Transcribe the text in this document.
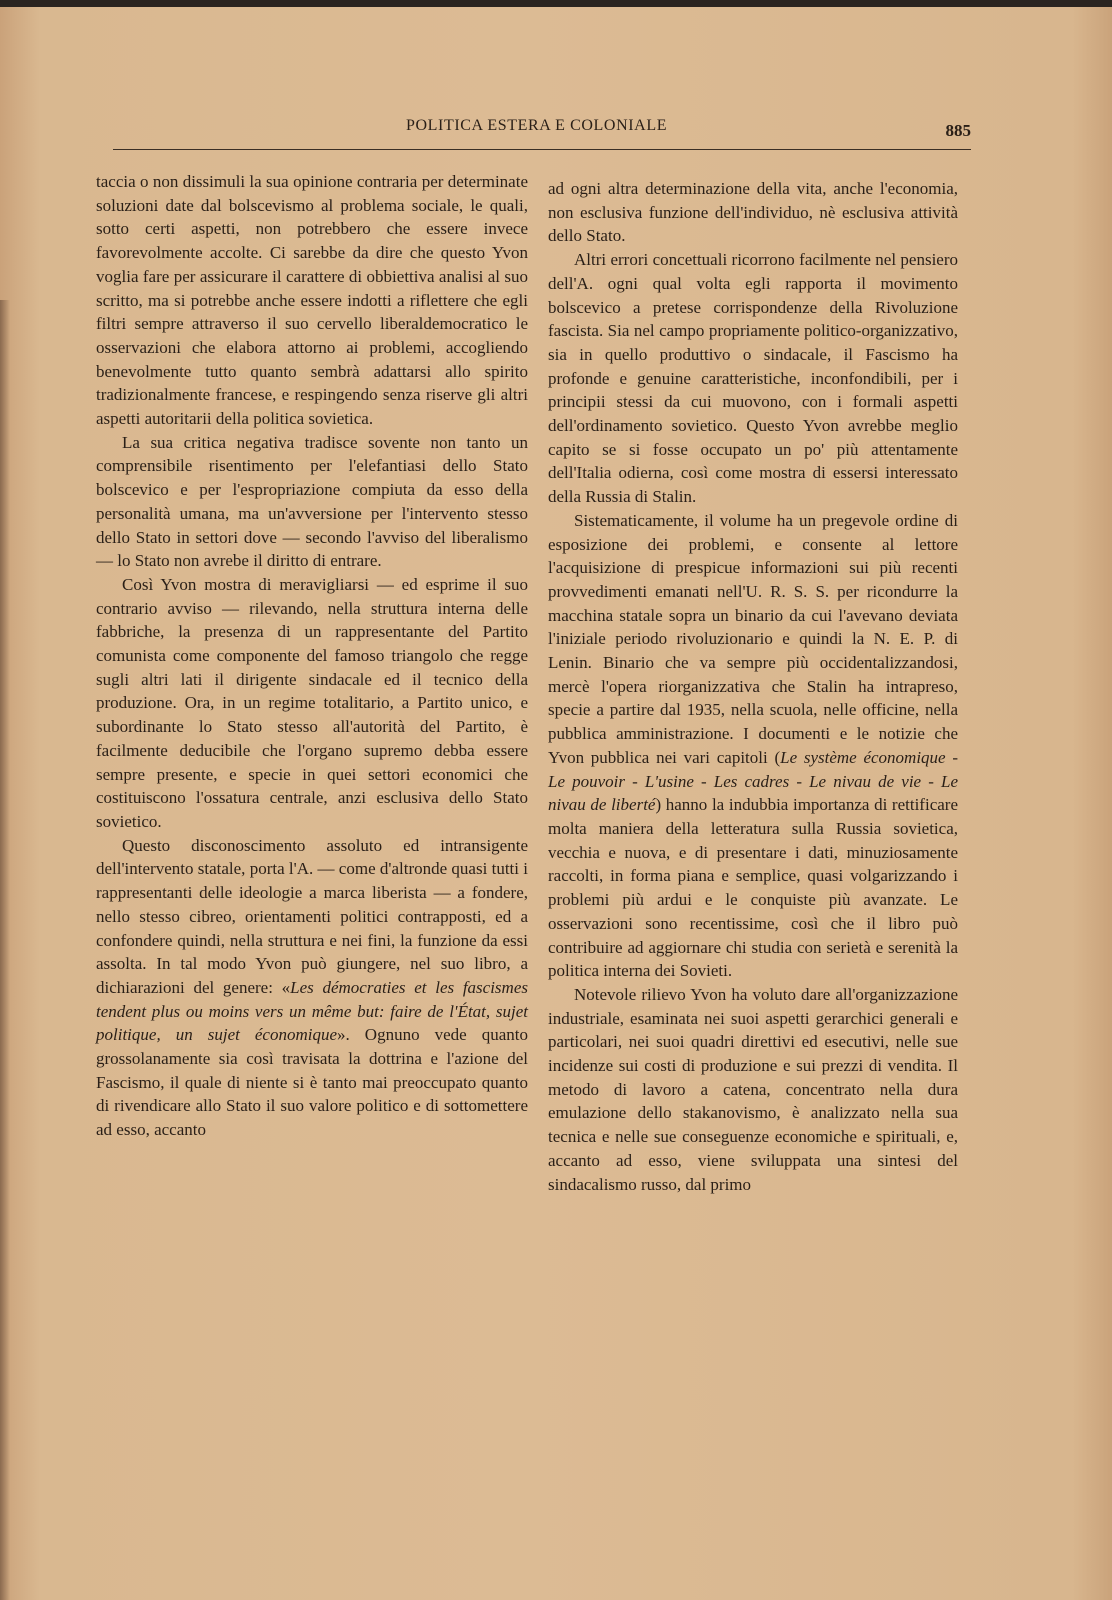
POLITICA ESTERA E COLONIALE	885

taccia o non dissimuli la sua opinione contraria per determinate soluzioni date dal bolscevismo al problema sociale, le quali, sotto certi aspetti, non potrebbero che essere invece favorevolmente accolte. Ci sarebbe da dire che questo Yvon voglia fare per assicurare il carattere di obbiettiva analisi al suo scritto, ma si potrebbe anche essere indotti a riflettere che egli filtri sempre attraverso il suo cervello liberaldemocratico le osservazioni che elabora attorno ai problemi, accogliendo benevolmente tutto quanto sembrà adattarsi allo spirito tradizionalmente francese, e respingendo senza riserve gli altri aspetti autoritarii della politica sovietica.

La sua critica negativa tradisce sovente non tanto un comprensibile risentimento per l'elefantiasi dello Stato bolscevico e per l'espropriazione compiuta da esso della personalità umana, ma un'avversione per l'intervento stesso dello Stato in settori dove — secondo l'avviso del liberalismo — lo Stato non avrebe il diritto di entrare.

Così Yvon mostra di meravigliarsi — ed esprime il suo contrario avviso — rilevando, nella struttura interna delle fabbriche, la presenza di un rappresentante del Partito comunista come componente del famoso triangolo che regge sugli altri lati il dirigente sindacale ed il tecnico della produzione. Ora, in un regime totalitario, a Partito unico, e subordinante lo Stato stesso all'autorità del Partito, è facilmente deducibile che l'organo supremo debba essere sempre presente, e specie in quei settori economici che costituiscono l'ossatura centrale, anzi esclusiva dello Stato sovietico.

Questo disconoscimento assoluto ed intransigente dell'intervento statale, porta l'A. — come d'altronde quasi tutti i rappresentanti delle ideologie a marca liberista — a fondere, nello stesso cibreo, orientamenti politici contrapposti, ed a confondere quindi, nella struttura e nei fini, la funzione da essi assolta. In tal modo Yvon può giungere, nel suo libro, a dichiarazioni del genere: «Les démocraties et les fascismes tendent plus ou moins vers un même but: faire de l'État, sujet politique, un sujet économique». Ognuno vede quanto grossolanamente sia così travisata la dottrina e l'azione del Fascismo, il quale di niente si è tanto mai preoccupato quanto di rivendicare allo Stato il suo valore politico e di sottomettere ad esso, accanto

ad ogni altra determinazione della vita, anche l'economia, non esclusiva funzione dell'individuo, nè esclusiva attività dello Stato.

Altri errori concettuali ricorrono facilmente nel pensiero dell'A. ogni qual volta egli rapporta il movimento bolscevico a pretese corrispondenze della Rivoluzione fascista. Sia nel campo propriamente politico-organizzativo, sia in quello produttivo o sindacale, il Fascismo ha profonde e genuine caratteristiche, inconfondibili, per i principii stessi da cui muovono, con i formali aspetti dell'ordinamento sovietico. Questo Yvon avrebbe meglio capito se si fosse occupato un po' più attentamente dell'Italia odierna, così come mostra di essersi interessato della Russia di Stalin.

Sistematicamente, il volume ha un pregevole ordine di esposizione dei problemi, e consente al lettore l'acquisizione di prespicue informazioni sui più recenti provvedimenti emanati nell'U. R. S. S. per ricondurre la macchina statale sopra un binario da cui l'avevano deviata l'iniziale periodo rivoluzionario e quindi la N. E. P. di Lenin. Binario che va sempre più occidentalizzandosi, mercè l'opera riorganizzativa che Stalin ha intrapreso, specie a partire dal 1935, nella scuola, nelle officine, nella pubblica amministrazione. I documenti e le notizie che Yvon pubblica nei vari capitoli (Le système économique - Le pouvoir - L'usine - Les cadres - Le nivau de vie - Le nivau de liberté) hanno la indubbia importanza di rettificare molta maniera della letteratura sulla Russia sovietica, vecchia e nuova, e di presentare i dati, minuziosamente raccolti, in forma piana e semplice, quasi volgarizzando i problemi più ardui e le conquiste più avanzate. Le osservazioni sono recentissime, così che il libro può contribuire ad aggiornare chi studia con serietà e serenità la politica interna dei Sovieti.

Notevole rilievo Yvon ha voluto dare all'organizzazione industriale, esaminata nei suoi aspetti gerarchici generali e particolari, nei suoi quadri direttivi ed esecutivi, nelle sue incidenze sui costi di produzione e sui prezzi di vendita. Il metodo di lavoro a catena, concentrato nella dura emulazione dello stakanovismo, è analizzato nella sua tecnica e nelle sue conseguenze economiche e spirituali, e, accanto ad esso, viene sviluppata una sintesi del sindacalismo russo, dal primo
